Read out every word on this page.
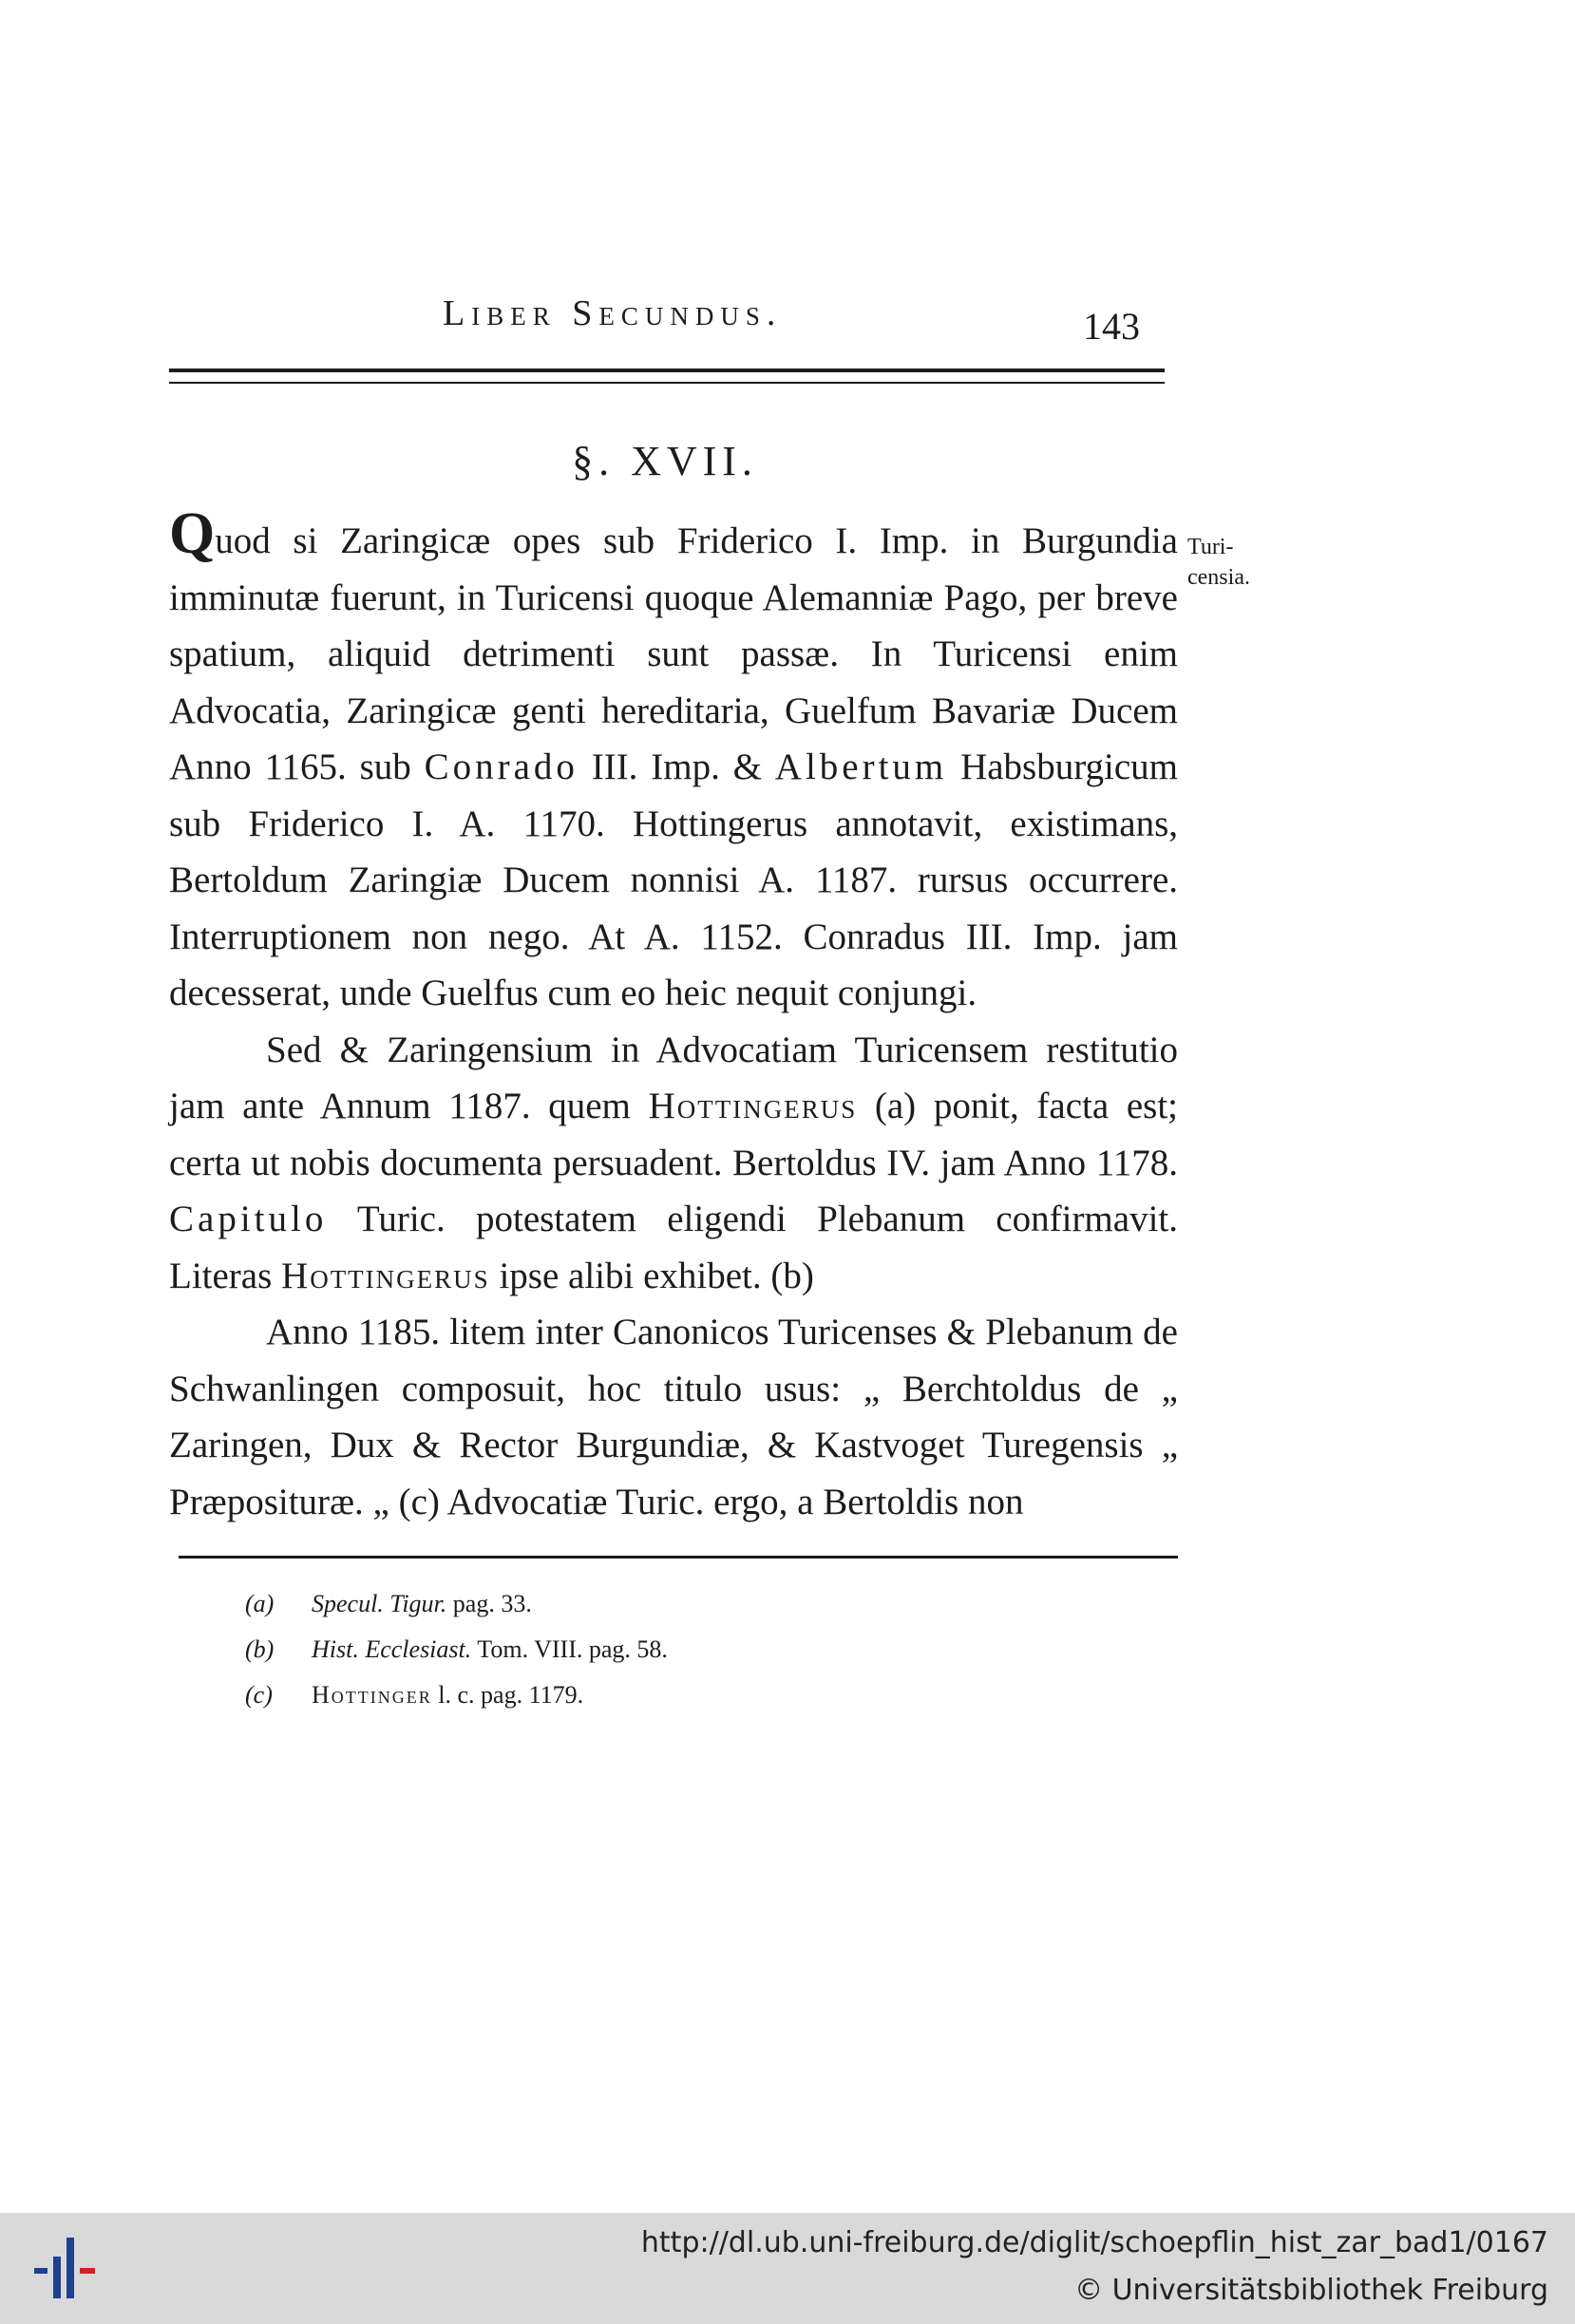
Liber Secundus.	143
§. XVII.
Turi-
censia.

Quod si Zaringicæ opes sub Friderico I. Imp. in Burgundia imminutæ fuerunt, in Turicensi quoque Alemanniæ Pago, per breve spatium, aliquid detrimenti sunt passæ. In Turicensi enim Advocatia, Zaringicæ genti hereditaria, Guelfum Bavariæ Ducem Anno 1165. sub Conrado III. Imp. & Albertum Habsburgicum sub Friderico I. A. 1170. Hottingerus annotavit, existimans, Bertoldum Zaringiæ Ducem nonnisi A. 1187. rursus occurrere. Interruptionem non nego. At A. 1152. Conradus III. Imp. jam decesserat, unde Guelfus cum eo heic nequit conjungi.

Sed & Zaringensium in Advocatiam Turicensem restitutio jam ante Annum 1187. quem Hottingerus (a) ponit, facta est; certa ut nobis documenta persuadent. Bertoldus IV. jam Anno 1178. Capitulo Turic. potestatem eligendi Plebanum confirmavit. Literas Hottingerus ipse alibi exhibet. (b)

Anno 1185. litem inter Canonicos Turicenses & Plebanum de Schwanlingen composuit, hoc titulo usus: „ Berchtoldus de „ Zaringen, Dux & Rector Burgundiæ, & Kastvoget Turegensis „ Præposituræ. „ (c) Advocatiæ Turic. ergo, a Bertoldis non

(a) Specul. Tigur. pag. 33.
(b) Hist. Ecclesiast. Tom. VIII. pag. 58.
(c) Hottinger l. c. pag. 1179.
http://dl.ub.uni-freiburg.de/diglit/schoepflin_hist_zar_bad1/0167
© Universitätsbibliothek Freiburg
